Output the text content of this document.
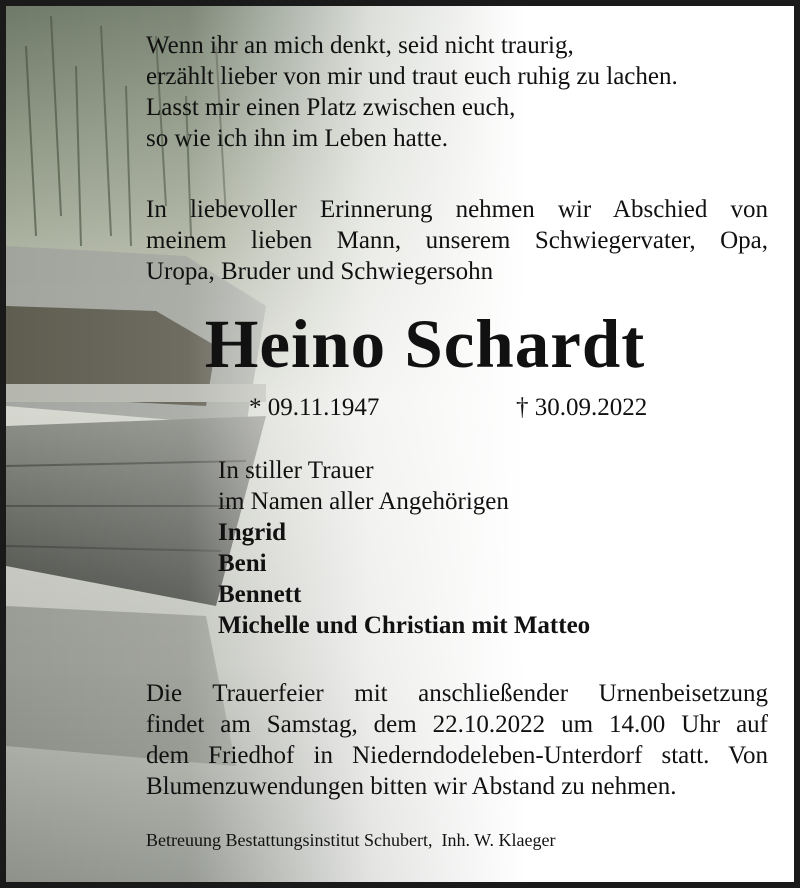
Wenn ihr an mich denkt, seid nicht traurig,
erzählt lieber von mir und traut euch ruhig zu lachen.
Lasst mir einen Platz zwischen euch,
so wie ich ihn im Leben hatte.
In liebevoller Erinnerung nehmen wir Abschied von
meinem lieben Mann, unserem Schwiegervater, Opa,
Uropa, Bruder und Schwiegersohn
Heino Schardt
* 09.11.1947	† 30.09.2022
In stiller Trauer
im Namen aller Angehörigen
Ingrid
Beni
Bennett
Michelle und Christian mit Matteo
Die Trauerfeier mit anschließender Urnenbeisetzung
findet am Samstag, dem 22.10.2022 um 14.00 Uhr auf
dem Friedhof in Niederndodeleben-Unterdorf statt. Von
Blumenzuwendungen bitten wir Abstand zu nehmen.
Betreuung Bestattungsinstitut Schubert,  Inh. W. Klaeger
